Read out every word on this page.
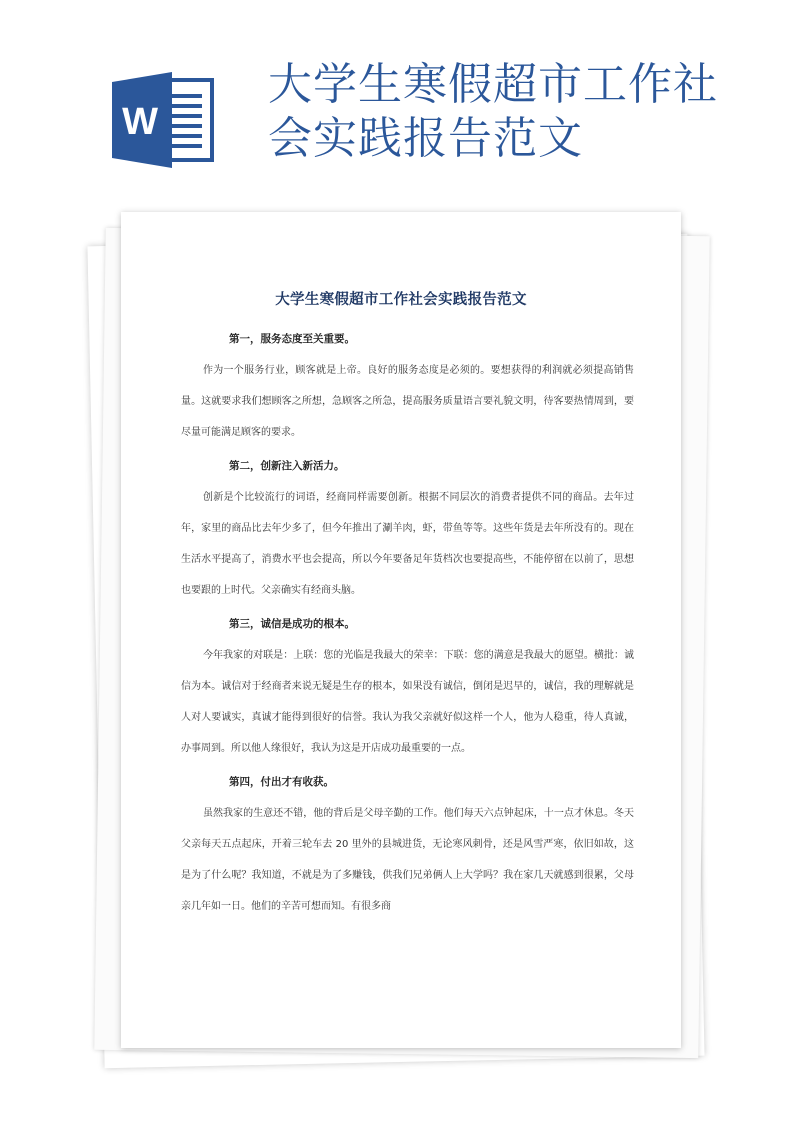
W
大学生寒假超市工作社会实践报告范文
大学生寒假超市工作社会实践报告范文
第一，服务态度至关重要。

作为一个服务行业，顾客就是上帝。良好的服务态度是必须的。要想获得的利润就必须提高销售量。这就要求我们想顾客之所想，急顾客之所急，提高服务质量语言要礼貌文明，待客要热情周到，要尽量可能满足顾客的要求。

第二，创新注入新活力。

创新是个比较流行的词语，经商同样需要创新。根据不同层次的消费者提供不同的商品。去年过年，家里的商品比去年少多了，但今年推出了涮羊肉，虾，带鱼等等。这些年货是去年所没有的。现在生活水平提高了，消费水平也会提高，所以今年要备足年货档次也要提高些，不能停留在以前了，思想也要跟的上时代。父亲确实有经商头脑。

第三，诚信是成功的根本。

今年我家的对联是：上联：您的光临是我最大的荣幸：下联：您的满意是我最大的愿望。横批：诚信为本。诚信对于经商者来说无疑是生存的根本，如果没有诚信，倒闭是迟早的，诚信，我的理解就是人对人要诚实，真诚才能得到很好的信誉。我认为我父亲就好似这样一个人，他为人稳重，待人真诚，办事周到。所以他人缘很好，我认为这是开店成功最重要的一点。

第四，付出才有收获。

虽然我家的生意还不错，他的背后是父母辛勤的工作。他们每天六点钟起床，十一点才休息。冬天父亲每天五点起床，开着三轮车去 20 里外的县城进货，无论寒风刺骨，还是风雪严寒，依旧如故，这是为了什么呢？我知道，不就是为了多赚钱，供我们兄弟俩人上大学吗？我在家几天就感到很累，父母亲几年如一日。他们的辛苦可想而知。有很多商
